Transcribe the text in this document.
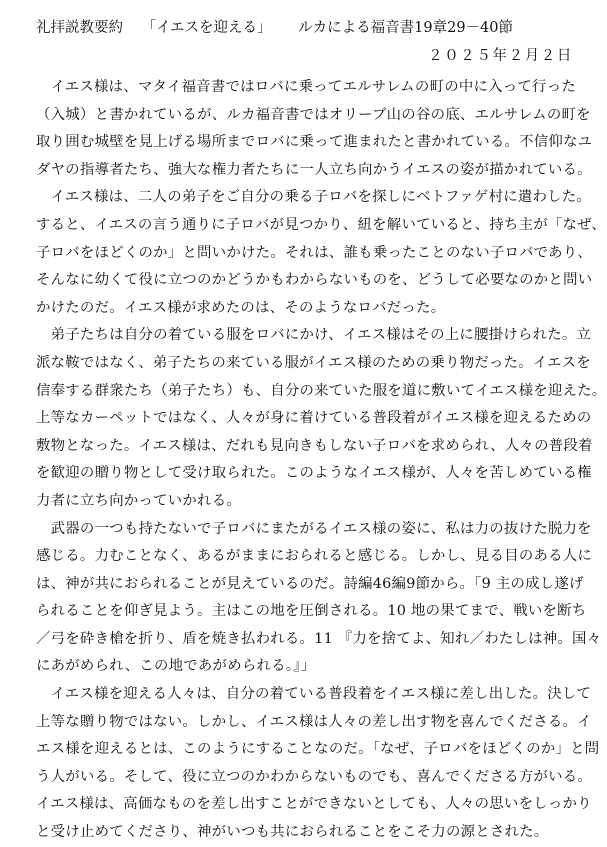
礼拝説教要約 「イエスを迎える」 ルカによる福音書19章29－40節
２０２５年２月２日
　イエス様は、マタイ福音書ではロバに乗ってエルサレムの町の中に入って行った
（入城）と書かれているが、ルカ福音書ではオリーブ山の谷の底、エルサレムの町を
取り囲む城壁を見上げる場所までロバに乗って進まれたと書かれている。不信仰なユ
ダヤの指導者たち、強大な権力者たちに一人立ち向かうイエスの姿が描かれている。
　イエス様は、二人の弟子をご自分の乗る子ロバを探しにベトファゲ村に遣わした。
すると、イエスの言う通りに子ロバが見つかり、紐を解いていると、持ち主が「なぜ、
子ロバをほどくのか」と問いかけた。それは、誰も乗ったことのない子ロバであり、
そんなに幼くて役に立つのかどうかもわからないものを、どうして必要なのかと問い
かけたのだ。イエス様が求めたのは、そのようなロバだった。
　弟子たちは自分の着ている服をロバにかけ、イエス様はその上に腰掛けられた。立
派な鞍ではなく、弟子たちの来ている服がイエス様のための乗り物だった。イエスを
信奉する群衆たち（弟子たち）も、自分の来ていた服を道に敷いてイエス様を迎えた。
上等なカーペットではなく、人々が身に着けている普段着がイエス様を迎えるための
敷物となった。イエス様は、だれも見向きもしない子ロバを求められ、人々の普段着
を歓迎の贈り物として受け取られた。このようなイエス様が、人々を苦しめている権
力者に立ち向かっていかれる。
　武器の一つも持たないで子ロバにまたがるイエス様の姿に、私は力の抜けた脱力を
感じる。力むことなく、あるがままにおられると感じる。しかし、見る目のある人に
は、神が共におられることが見えているのだ。詩編46編9節から。「9 主の成し遂げ
られることを仰ぎ見よう。主はこの地を圧倒される。10 地の果てまで、戦いを断ち
／弓を砕き槍を折り、盾を焼き払われる。11 『力を捨てよ、知れ／わたしは神。国々
にあがめられ、この地であがめられる。』」
　イエス様を迎える人々は、自分の着ている普段着をイエス様に差し出した。決して
上等な贈り物ではない。しかし、イエス様は人々の差し出す物を喜んでくださる。イ
エス様を迎えるとは、このようにすることなのだ。「なぜ、子ロバをほどくのか」と問
う人がいる。そして、役に立つのかわからないものでも、喜んでくださる方がいる。
イエス様は、高価なものを差し出すことができないとしても、人々の思いをしっかり
と受け止めてくださり、神がいつも共におられることをこそ力の源とされた。
